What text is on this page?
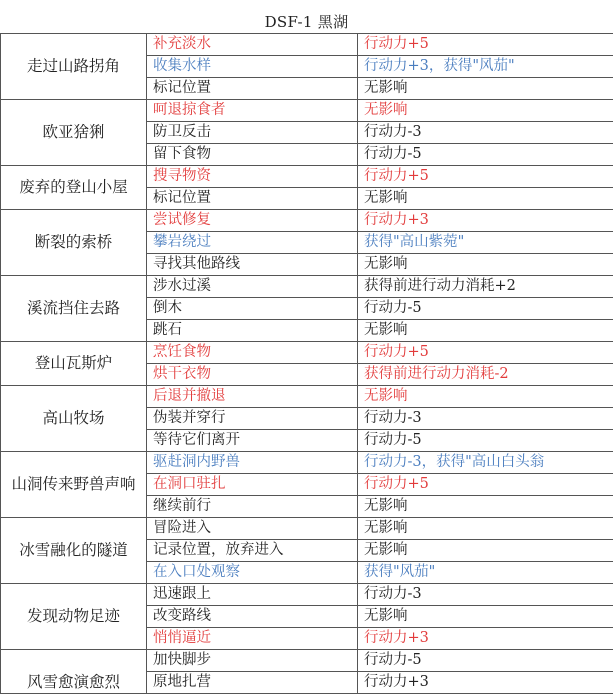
DSF-1 黑湖
走过山路拐角	补充淡水	行动力+5
	收集水样	行动力+3，获得"风茄"
	标记位置	无影响
欧亚猞猁	呵退掠食者	无影响
	防卫反击	行动力-3
	留下食物	行动力-5
废弃的登山小屋	搜寻物资	行动力+5
	标记位置	无影响
断裂的索桥	尝试修复	行动力+3
	攀岩绕过	获得"高山紫菀"
	寻找其他路线	无影响
溪流挡住去路	涉水过溪	获得前进行动力消耗+2
	倒木	行动力-5
	跳石	无影响
登山瓦斯炉	烹饪食物	行动力+5
	烘干衣物	获得前进行动力消耗-2
高山牧场	后退并撤退	无影响
	伪装并穿行	行动力-3
	等待它们离开	行动力-5
山洞传来野兽声响	驱赶洞内野兽	行动力-3，获得"高山白头翁
	在洞口驻扎	行动力+5
	继续前行	无影响
冰雪融化的隧道	冒险进入	无影响
	记录位置，放弃进入	无影响
	在入口处观察	获得"风茄"
发现动物足迹	迅速跟上	行动力-3
	改变路线	无影响
	悄悄逼近	行动力+3
风雪愈演愈烈	加快脚步	行动力-5
	原地扎营	行动力+3
